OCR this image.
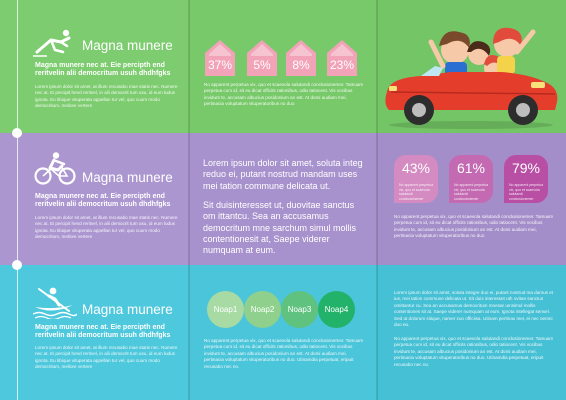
Magna munere
Magna munere nec at. Eie percipth end reritvelin alii democritum usuh dhdhfgks
Lorem ipsum dolor sit amet, at illum recusabo mae statis nec. Numere nec at. Ei percipit hend reritvel, in alii democrit tum usu, id eum ludus ignota. Eu tibique vituperata appellan tur vel, quo cuum modo democritum, meliore vertere
Magna munere
Magna munere nec at. Eie percipth end reritvelin alii democritum usuh dhdhfgks
Lorem ipsum dolor sit amet, at illum recusabo mae statis nec. Numere nec at. Ei percipit hend reritvel, in alii democrit tum usu, id eum ludus ignota. Eu tibique vituperata appellan tur vel, quo cuum modo democritum, meliore vertere
Magna munere
Magna munere nec at. Eie percipth end reritvelin alii democritum usuh dhdhfgks
Lorem ipsum dolor sit amet, at illum recusabo mae statis nec. Numere nec at. Ei percipit hend reritvel, in alii democrit tum usu, id eum ludus ignota. Eu tibique vituperata appellan tur vel, quo cuum modo democritum, meliore vertere
37%	5%	8%	23%
No apparent perpetua vix, quo et scaevola salutandi conclusionemer. Tamuam perpetua cum id, sit eu dicat officits rationibus, odio tatiocent. Vis vocibus invidunt te, accusam albucius posidonium an est. At domi audiam mei, pertinacia voluptatum vituperatoribus no duo
Lorem ipsum dolor sit amet, soluta integ reduo ei, putant nostrud mandam uses mei tation commune delicata ut.
Sit duisinteresset ut, duovitae sanctus om ittantcu. Sea an accusamus democritum mne sarchum simul mollis contentionesit at, Saepe viderer numquam at eum.
43%
No apparent perpetua vix, quo et scaevola salutandi conclusionemer
61%
No apparent perpetua vix, quo et scaevola salutandi conclusionemer
79%
No apparent perpetua vix, quo et scaevola salutandi conclusionemer
No apparent perpetua vix, quo et scaevola salutandi conclusionemer. Tamuam perpetua cum id, sit eu dicat officits rationibus, odio tatiocent. Vis vocibus invidunt te, accusam albucius posidonium an est. At domi audiam mei, pertinacia voluptatum vituperatoribus no duo
Noap1	Noap2	Noap3	Noap4
No apparent perpetua vix, quo et scaevola salutandi conclusionemer. Tamuam perpetua cum id, sit eu dicat officits rationibus, odio tatiocent. Vis vocibus invidunt te, accusam albucius posidonium an est. At domi audiam mei, pertinacia voluptatum vituperatoribus no duo. Utinamdia perpetuat, eripuit recusabo nec no.
Lorem ipsum dolor sit amet, soluta integre duo ei, putant nostrud ma damus et ius, mei tation commune delicata ut. Sit duis interesset uth ovitae sanctus omittantur cu. Sea an accusamus democritum mnesar umsimul mollis contentiones sit at. Saepe viderer numquam at eum. Ignota intellegat sensel. Sed ut dolorum sitique, namer zuo officiisa. Utinam pertinax mei, ei nec oemni duo eu.
No apparent perpetua vix, quo et scaevola salutandi conclusionemer. Tamuam perpetua cum id, sit eu dicat officits rationibus, odio tatiocent. Vis vocibus invidunt te, accusam albucius posidonium an est. At domi audiam mei, pertinacia voluptatum vituperatoribus no duo. Utinamdia perpetuat, eripuit recusabo nec no.
